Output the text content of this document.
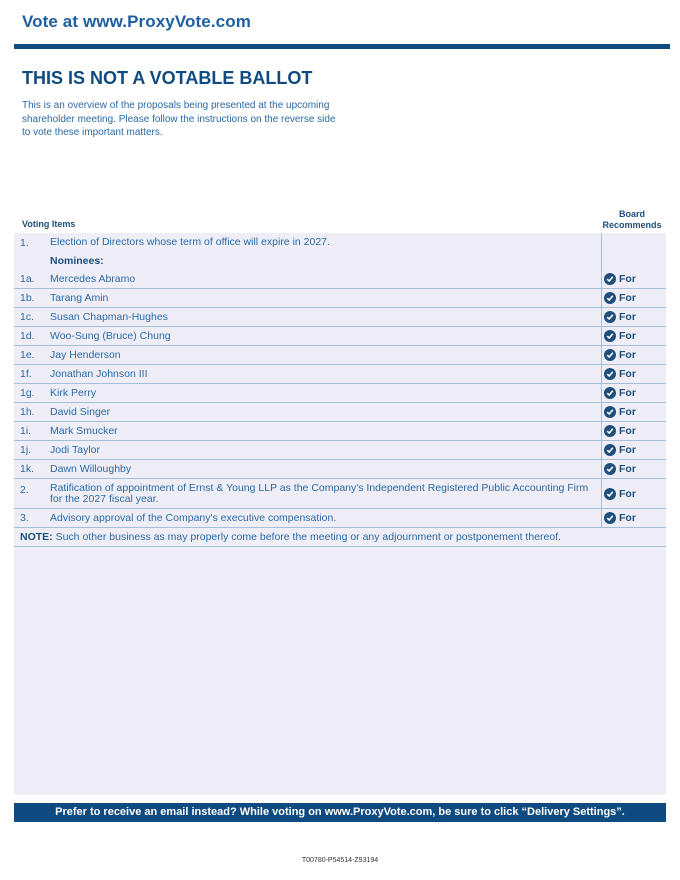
Vote at www.ProxyVote.com
THIS IS NOT A VOTABLE BALLOT
This is an overview of the proposals being presented at the upcoming shareholder meeting. Please follow the instructions on the reverse side to vote these important matters.
Voting Items
Board
Recommends
1.	Election of Directors whose term of office will expire in 2027.
Nominees:
1a.	Mercedes Abramo	For
1b.	Tarang Amin	For
1c.	Susan Chapman-Hughes	For
1d.	Woo-Sung (Bruce) Chung	For
1e.	Jay Henderson	For
1f.	Jonathan Johnson III	For
1g.	Kirk Perry	For
1h.	David Singer	For
1i.	Mark Smucker	For
1j.	Jodi Taylor	For
1k.	Dawn Willoughby	For
2.	Ratification of appointment of Ernst & Young LLP as the Company's Independent Registered Public Accounting Firm for the 2027 fiscal year.	For
3.	Advisory approval of the Company's executive compensation.	For
NOTE: Such other business as may properly come before the meeting or any adjournment or postponement thereof.
Prefer to receive an email instead? While voting on www.ProxyVote.com, be sure to click “Delivery Settings”.
T00780-P54514-Z93194
